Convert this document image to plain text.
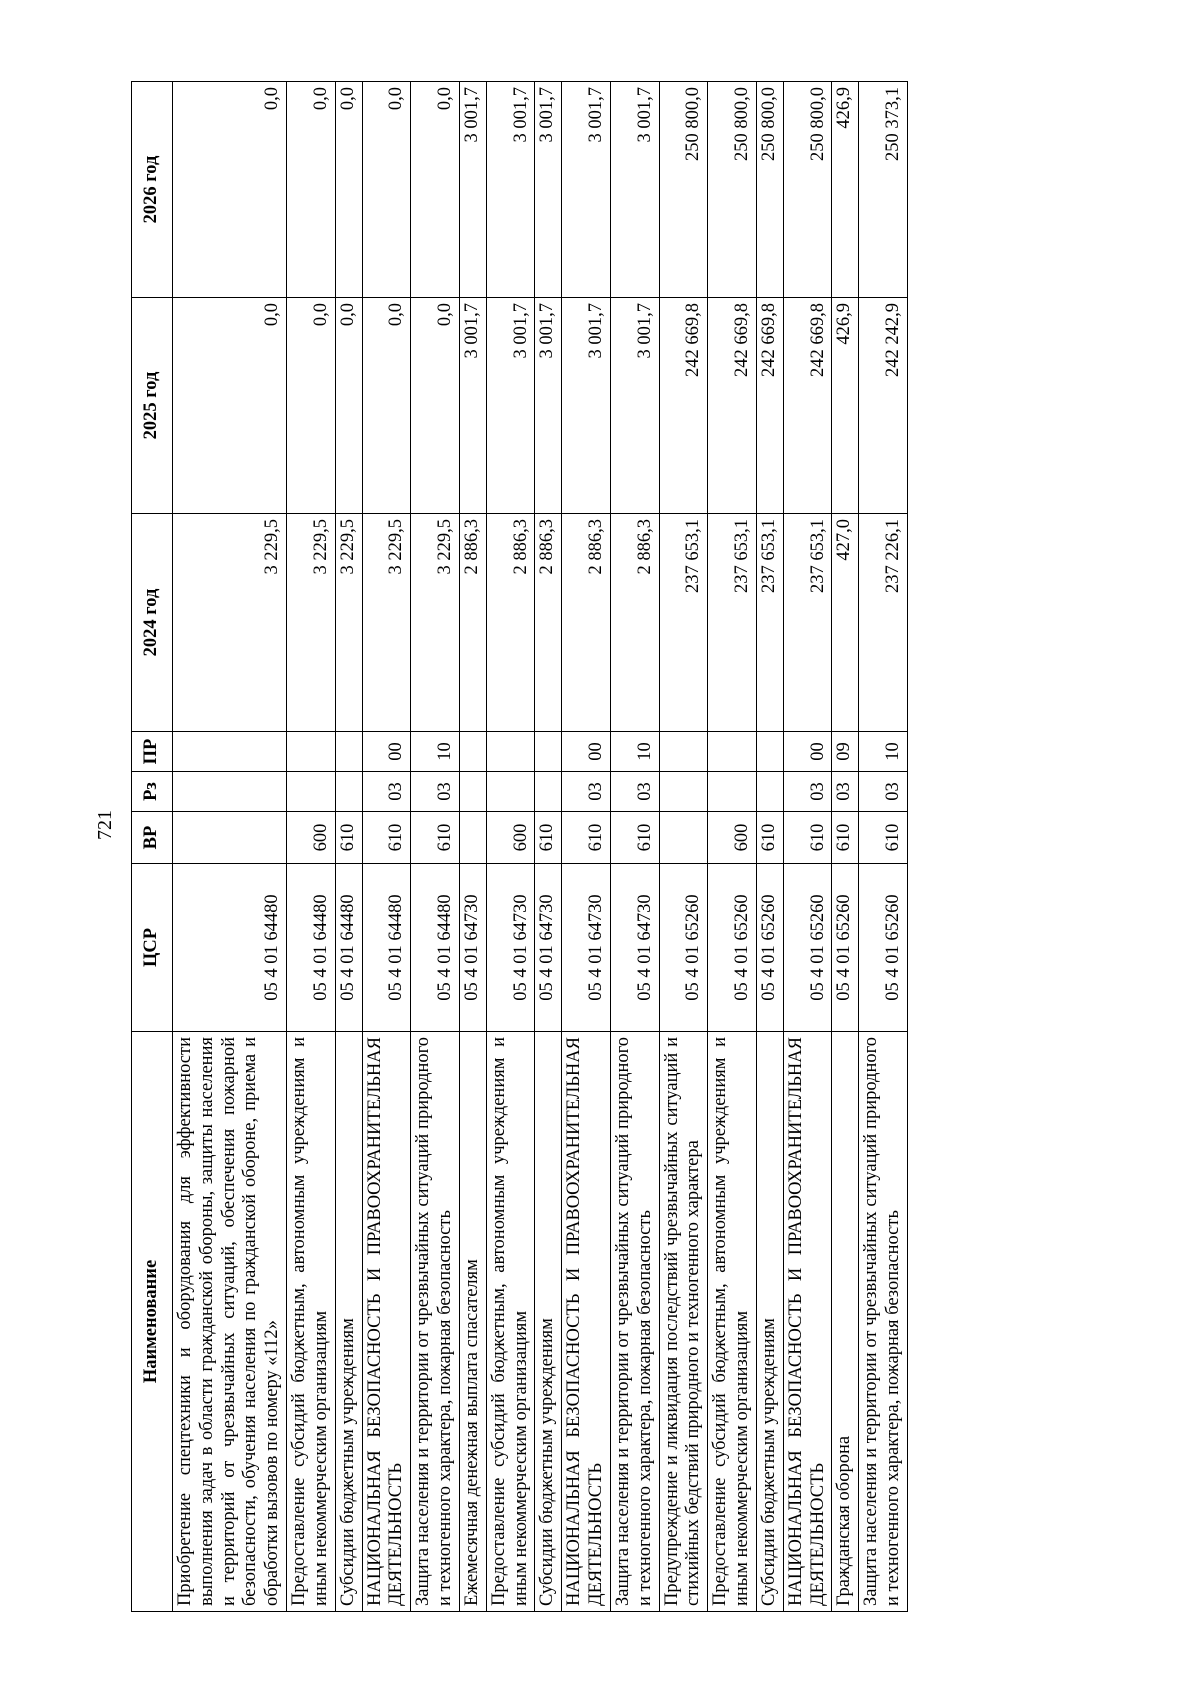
721
Наименование	ЦСР	ВР	Рз	ПР	2024 год	2025 год	2026 год
Приобретение спецтехники и оборудования для эффективности выполнения задач в области гражданской обороны, защиты населения и территорий от чрезвычайных ситуаций, обеспечения пожарной безопасности, обучения населения по гражданской обороне, приема и обработки вызовов по номеру «112»	05 4 01 64480				3 229,5	0,0	0,0
Предоставление субсидий бюджетным, автономным учреждениям и иным некоммерческим организациям	05 4 01 64480	600			3 229,5	0,0	0,0
Субсидии бюджетным учреждениям	05 4 01 64480	610			3 229,5	0,0	0,0
НАЦИОНАЛЬНАЯ БЕЗОПАСНОСТЬ И ПРАВООХРАНИТЕЛЬНАЯ ДЕЯТЕЛЬНОСТЬ	05 4 01 64480	610	03	00	3 229,5	0,0	0,0
Защита населения и территории от чрезвычайных ситуаций природного и техногенного характера, пожарная безопасность	05 4 01 64480	610	03	10	3 229,5	0,0	0,0
Ежемесячная денежная выплата спасателям	05 4 01 64730				2 886,3	3 001,7	3 001,7
Предоставление субсидий бюджетным, автономным учреждениям и иным некоммерческим организациям	05 4 01 64730	600			2 886,3	3 001,7	3 001,7
Субсидии бюджетным учреждениям	05 4 01 64730	610			2 886,3	3 001,7	3 001,7
НАЦИОНАЛЬНАЯ БЕЗОПАСНОСТЬ И ПРАВООХРАНИТЕЛЬНАЯ ДЕЯТЕЛЬНОСТЬ	05 4 01 64730	610	03	00	2 886,3	3 001,7	3 001,7
Защита населения и территории от чрезвычайных ситуаций природного и техногенного характера, пожарная безопасность	05 4 01 64730	610	03	10	2 886,3	3 001,7	3 001,7
Предупреждение и ликвидация последствий чрезвычайных ситуаций и стихийных бедствий природного и техногенного характера	05 4 01 65260				237 653,1	242 669,8	250 800,0
Предоставление субсидий бюджетным, автономным учреждениям и иным некоммерческим организациям	05 4 01 65260	600			237 653,1	242 669,8	250 800,0
Субсидии бюджетным учреждениям	05 4 01 65260	610			237 653,1	242 669,8	250 800,0
НАЦИОНАЛЬНАЯ БЕЗОПАСНОСТЬ И ПРАВООХРАНИТЕЛЬНАЯ ДЕЯТЕЛЬНОСТЬ	05 4 01 65260	610	03	00	237 653,1	242 669,8	250 800,0
Гражданская оборона	05 4 01 65260	610	03	09	427,0	426,9	426,9
Защита населения и территории от чрезвычайных ситуаций природного и техногенного характера, пожарная безопасность	05 4 01 65260	610	03	10	237 226,1	242 242,9	250 373,1
